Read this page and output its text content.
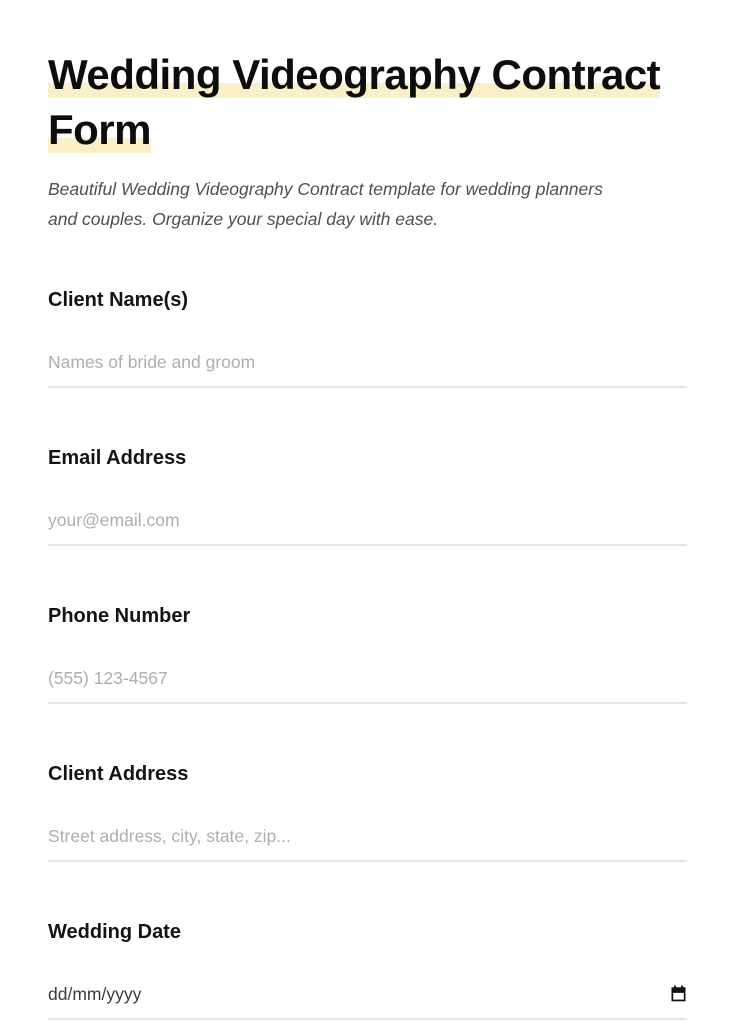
Wedding Videography Contract Form
Beautiful Wedding Videography Contract template for wedding planners
and couples. Organize your special day with ease.
Client Name(s)
Names of bride and groom
Email Address
your@email.com
Phone Number
(555) 123-4567
Client Address
Street address, city, state, zip...
Wedding Date
dd/mm/yyyy
